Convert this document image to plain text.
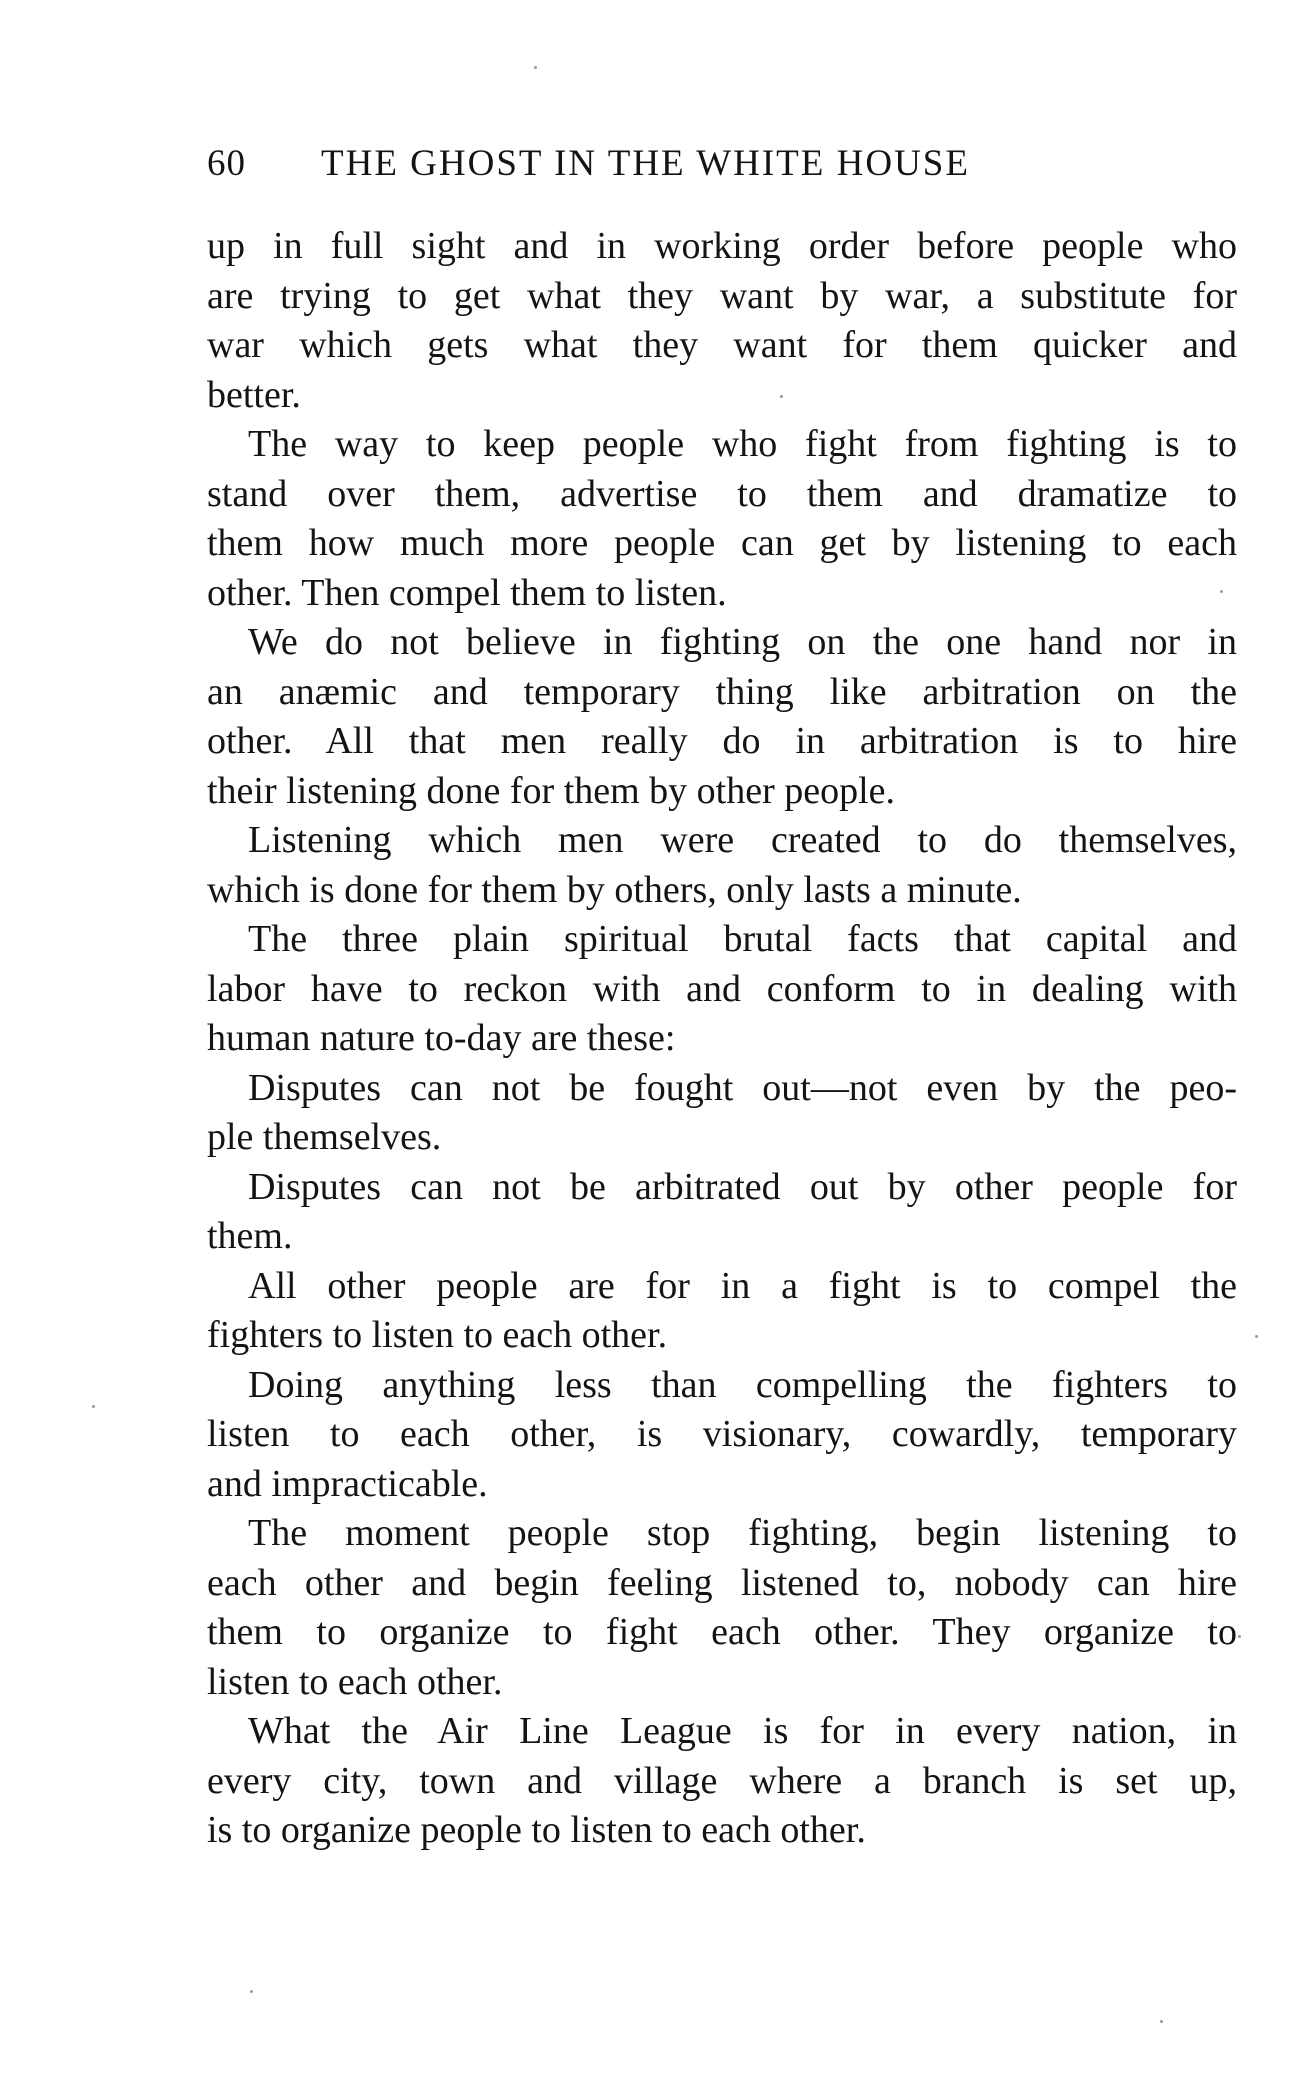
60 THE GHOST IN THE WHITE HOUSE
up in full sight and in working order before people who
are trying to get what they want by war, a substitute for
war which gets what they want for them quicker and
better.
The way to keep people who fight from fighting is to
stand over them, advertise to them and dramatize to
them how much more people can get by listening to each
other. Then compel them to listen.
We do not believe in fighting on the one hand nor in
an anæmic and temporary thing like arbitration on the
other. All that men really do in arbitration is to hire
their listening done for them by other people.
Listening which men were created to do themselves,
which is done for them by others, only lasts a minute.
The three plain spiritual brutal facts that capital and
labor have to reckon with and conform to in dealing with
human nature to-day are these:
Disputes can not be fought out—not even by the peo-
ple themselves.
Disputes can not be arbitrated out by other people for
them.
All other people are for in a fight is to compel the
fighters to listen to each other.
Doing anything less than compelling the fighters to
listen to each other, is visionary, cowardly, temporary
and impracticable.
The moment people stop fighting, begin listening to
each other and begin feeling listened to, nobody can hire
them to organize to fight each other. They organize to
listen to each other.
What the Air Line League is for in every nation, in
every city, town and village where a branch is set up,
is to organize people to listen to each other.
